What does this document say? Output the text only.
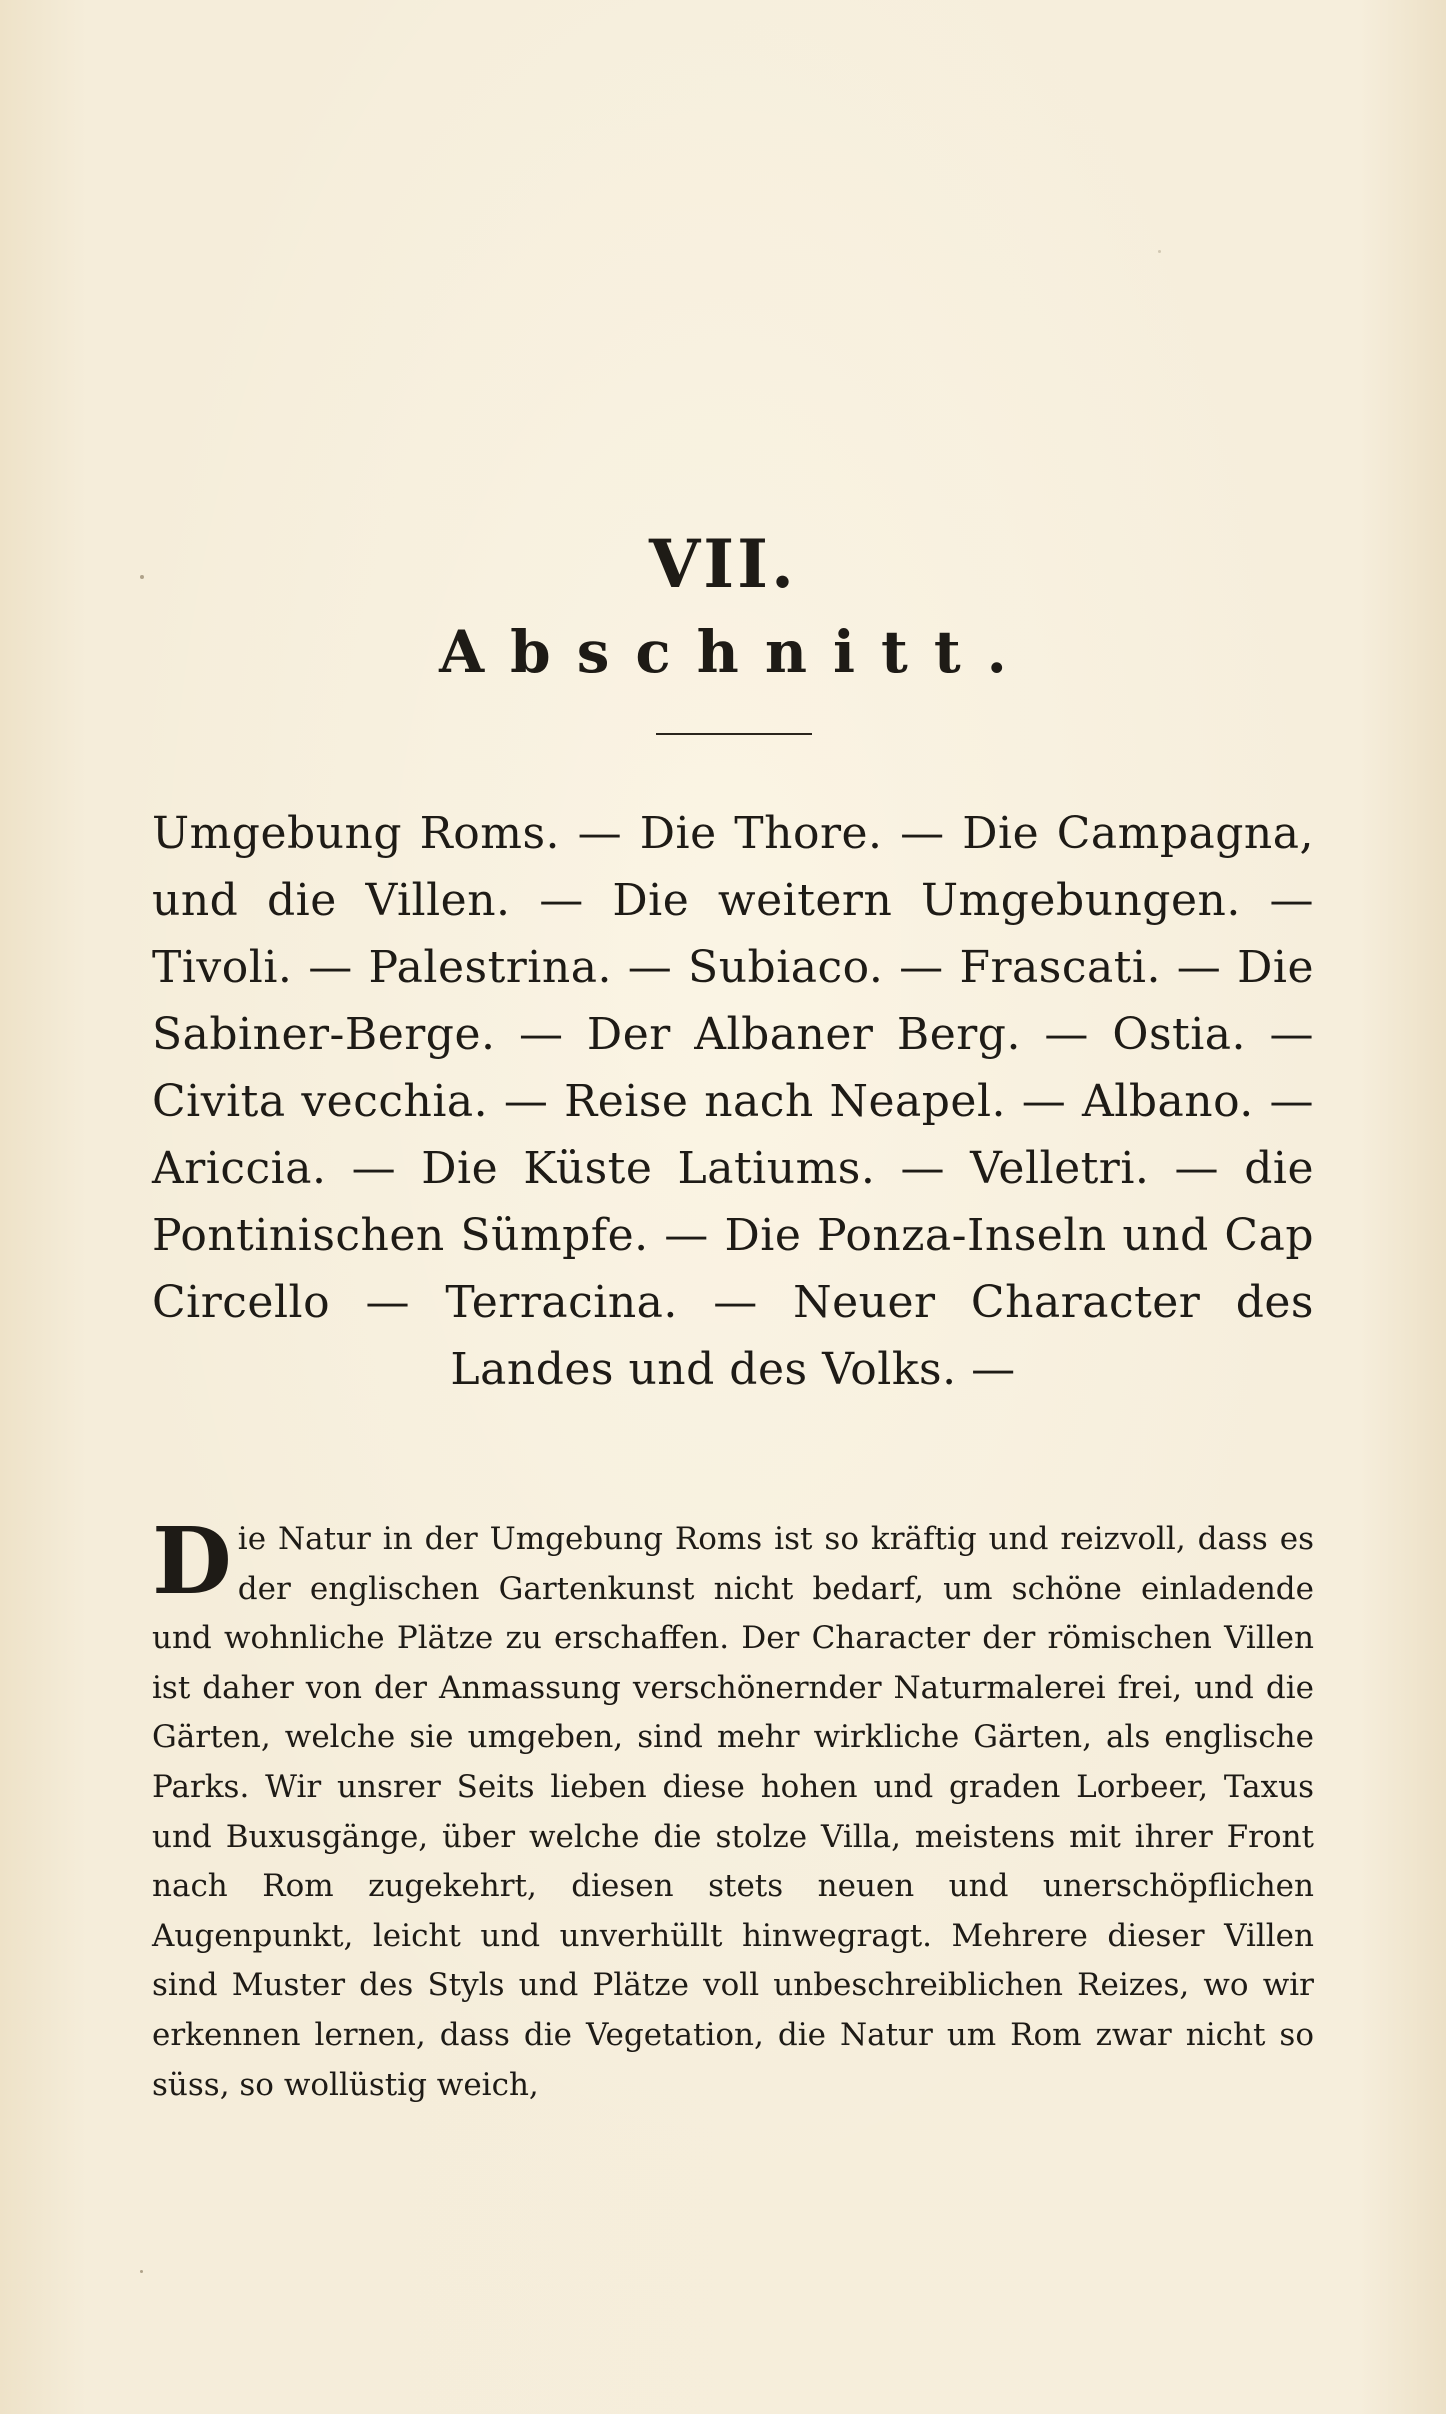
VII.
Abschnitt.
Umgebung Roms. — Die Thore. — Die Campagna, und die Villen. — Die weitern Umgebungen. — Tivoli. — Palestrina. — Subiaco. — Frascati. — Die Sabiner-Berge. — Der Albaner Berg. — Ostia. — Civita vecchia. — Reise nach Neapel. — Albano. — Ariccia. — Die Küste Latiums. — Velletri. — die Pontinischen Sümpfe. — Die Ponza-Inseln und Cap Circello — Terracina. — Neuer Character des Landes und des Volks. —
Die Natur in der Umgebung Roms ist so kräftig und reizvoll, dass es der englischen Gartenkunst nicht bedarf, um schöne einladende und wohnliche Plätze zu erschaffen. Der Character der römischen Villen ist daher von der Anmassung verschönernder Naturmalerei frei, und die Gärten, welche sie umgeben, sind mehr wirkliche Gärten, als englische Parks. Wir unsrer Seits lieben diese hohen und graden Lorbeer, Taxus und Buxusgänge, über welche die stolze Villa, meistens mit ihrer Front nach Rom zugekehrt, diesen stets neuen und unerschöpflichen Augenpunkt, leicht und unverhüllt hinwegragt. Mehrere dieser Villen sind Muster des Styls und Plätze voll unbeschreiblichen Reizes, wo wir erkennen lernen, dass die Vegetation, die Natur um Rom zwar nicht so süss, so wollüstig weich,
